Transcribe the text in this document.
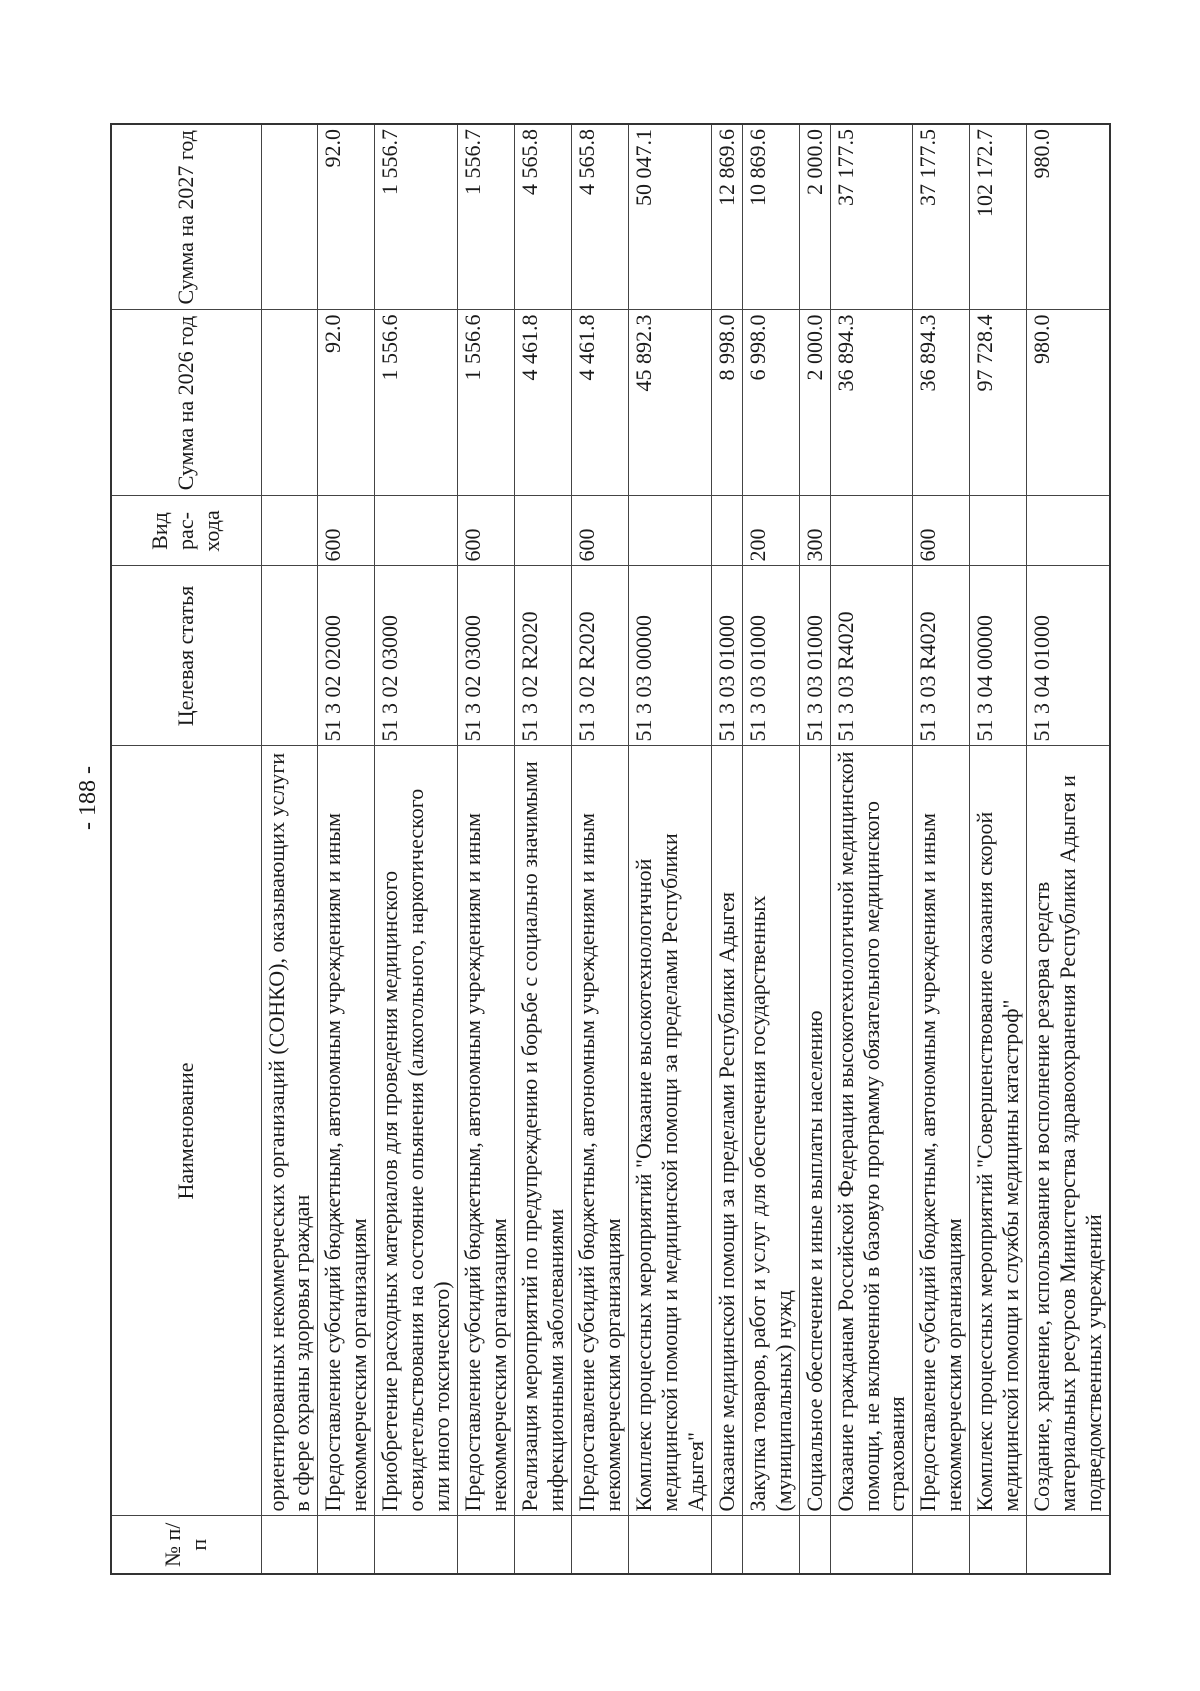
- 188 -
№ п/п	Наименование	Целевая статья	Вид рас-хода	Сумма на 2026 год	Сумма на 2027 год
	ориентированных некоммерческих организаций (СОНКО), оказывающих услуги в сфере охраны здоровья граждан				
	Предоставление субсидий бюджетным, автономным учреждениям и иным некоммерческим организациям	51 3 02 02000	600	92.0	92.0
	Приобретение расходных материалов для проведения медицинского освидетельствования на состояние опьянения (алкогольного, наркотического или иного токсического)	51 3 02 03000		1 556.6	1 556.7
	Предоставление субсидий бюджетным, автономным учреждениям и иным некоммерческим организациям	51 3 02 03000	600	1 556.6	1 556.7
	Реализация мероприятий по предупреждению и борьбе с социально значимыми инфекционными заболеваниями	51 3 02 R2020		4 461.8	4 565.8
	Предоставление субсидий бюджетным, автономным учреждениям и иным некоммерческим организациям	51 3 02 R2020	600	4 461.8	4 565.8
	Комплекс процессных мероприятий "Оказание высокотехнологичной медицинской помощи и медицинской помощи за пределами Республики Адыгея"	51 3 03 00000		45 892.3	50 047.1
	Оказание медицинской помощи за пределами Республики Адыгея	51 3 03 01000		8 998.0	12 869.6
	Закупка товаров, работ и услуг для обеспечения государственных (муниципальных) нужд	51 3 03 01000	200	6 998.0	10 869.6
	Социальное обеспечение и иные выплаты населению	51 3 03 01000	300	2 000.0	2 000.0
	Оказание гражданам Российской Федерации высокотехнологичной медицинской помощи, не включенной в базовую программу обязательного медицинского страхования	51 3 03 R4020		36 894.3	37 177.5
	Предоставление субсидий бюджетным, автономным учреждениям и иным некоммерческим организациям	51 3 03 R4020	600	36 894.3	37 177.5
	Комплекс процессных мероприятий "Совершенствование оказания скорой медицинской помощи и службы медицины катастроф"	51 3 04 00000		97 728.4	102 172.7
	Создание, хранение, использование и восполнение резерва средств материальных ресурсов Министерства здравоохранения Республики Адыгея и подведомственных учреждений	51 3 04 01000		980.0	980.0
